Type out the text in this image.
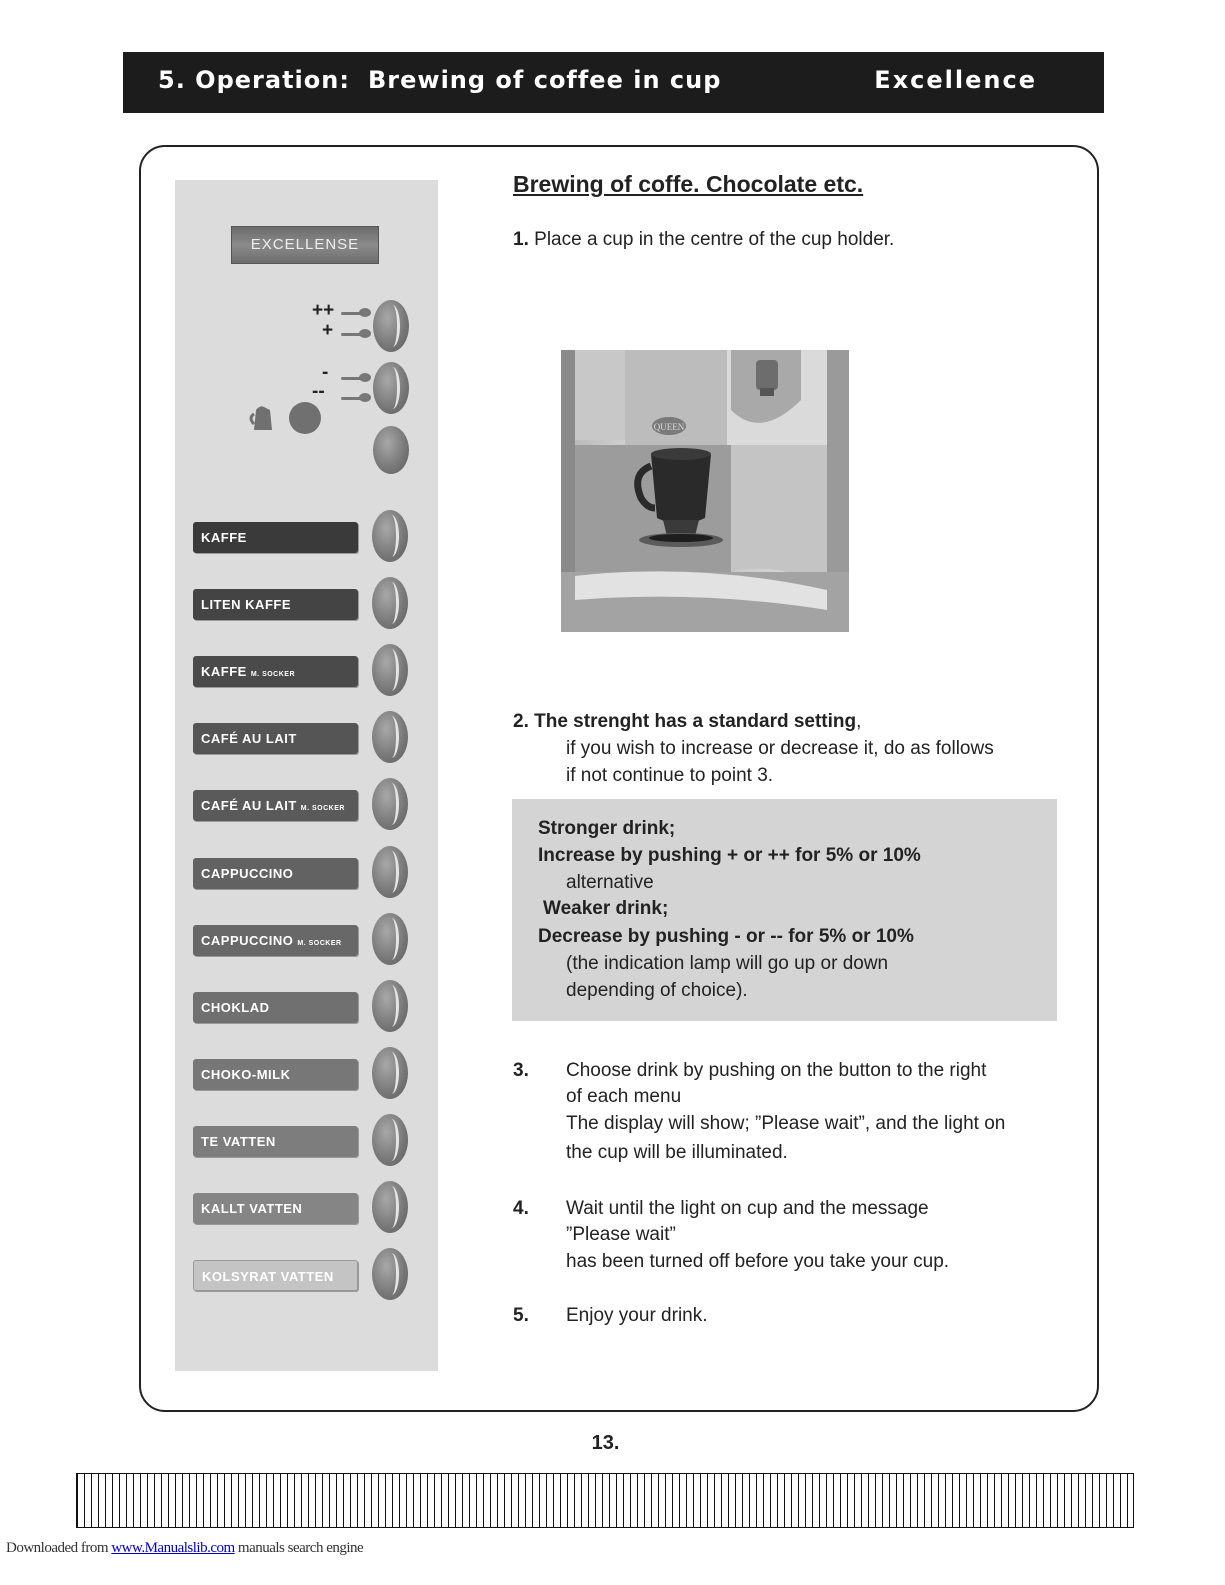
5. Operation: Brewing of coffee in cup	Excellence
EXCELLENSE
++
+
-
--
KAFFE
LITEN KAFFE
KAFFE M. SOCKER
CAFÉ AU LAIT
CAFÉ AU LAIT M. SOCKER
CAPPUCCINO
CAPPUCCINO M. SOCKER
CHOKLAD
CHOKO-MILK
TE VATTEN
KALLT VATTEN
KOLSYRAT VATTEN
Brewing of coffe. Chocolate etc.
1. Place a cup in the centre of the cup holder.
QUEEN
2. The strenght has a standard setting,
if you wish to increase or decrease it, do as follows
if not continue to point 3.
Stronger drink;
Increase by pushing + or ++ for 5% or 10%
alternative
Weaker drink;
Decrease by pushing - or -- for 5% or 10%
(the indication lamp will go up or down
depending of choice).
3. Choose drink by pushing on the button to the right
of each menu
The display will show; ”Please wait”, and the light on
the cup will be illuminated.
4. Wait until the light on cup and the message
”Please wait”
has been turned off before you take your cup.
5. Enjoy your drink.
13.
Downloaded from www.Manualslib.com manuals search engine
